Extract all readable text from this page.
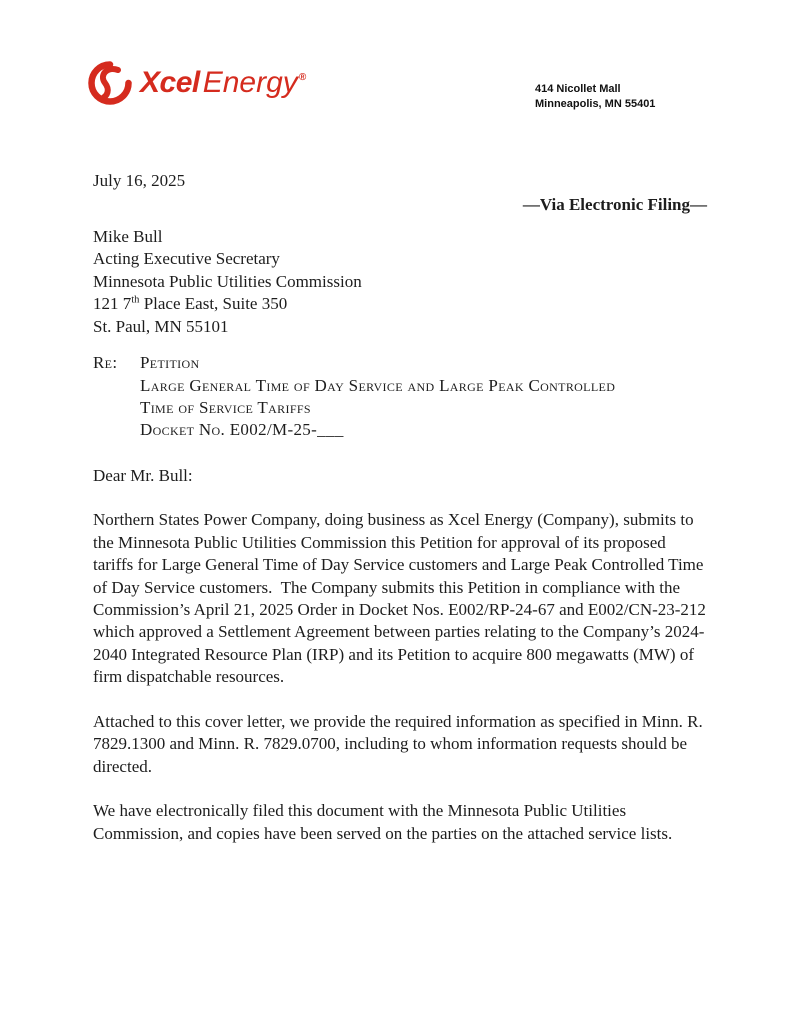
Xcel Energy®
414 Nicollet Mall
Minneapolis, MN 55401
July 16, 2025
—Via Electronic Filing—
Mike Bull
Acting Executive Secretary
Minnesota Public Utilities Commission
121 7th Place East, Suite 350
St. Paul, MN 55101
Re:	Petition
Large General Time of Day Service and Large Peak Controlled
Time of Service Tariffs
Docket No. E002/M-25-___
Dear Mr. Bull:

Northern States Power Company, doing business as Xcel Energy (Company), submits to the Minnesota Public Utilities Commission this Petition for approval of its proposed tariffs for Large General Time of Day Service customers and Large Peak Controlled Time of Day Service customers.  The Company submits this Petition in compliance with the Commission’s April 21, 2025 Order in Docket Nos. E002/RP-24-67 and E002/CN-23-212 which approved a Settlement Agreement between parties relating to the Company’s 2024-2040 Integrated Resource Plan (IRP) and its Petition to acquire 800 megawatts (MW) of firm dispatchable resources.

Attached to this cover letter, we provide the required information as specified in Minn. R. 7829.1300 and Minn. R. 7829.0700, including to whom information requests should be directed.

We have electronically filed this document with the Minnesota Public Utilities Commission, and copies have been served on the parties on the attached service lists.
